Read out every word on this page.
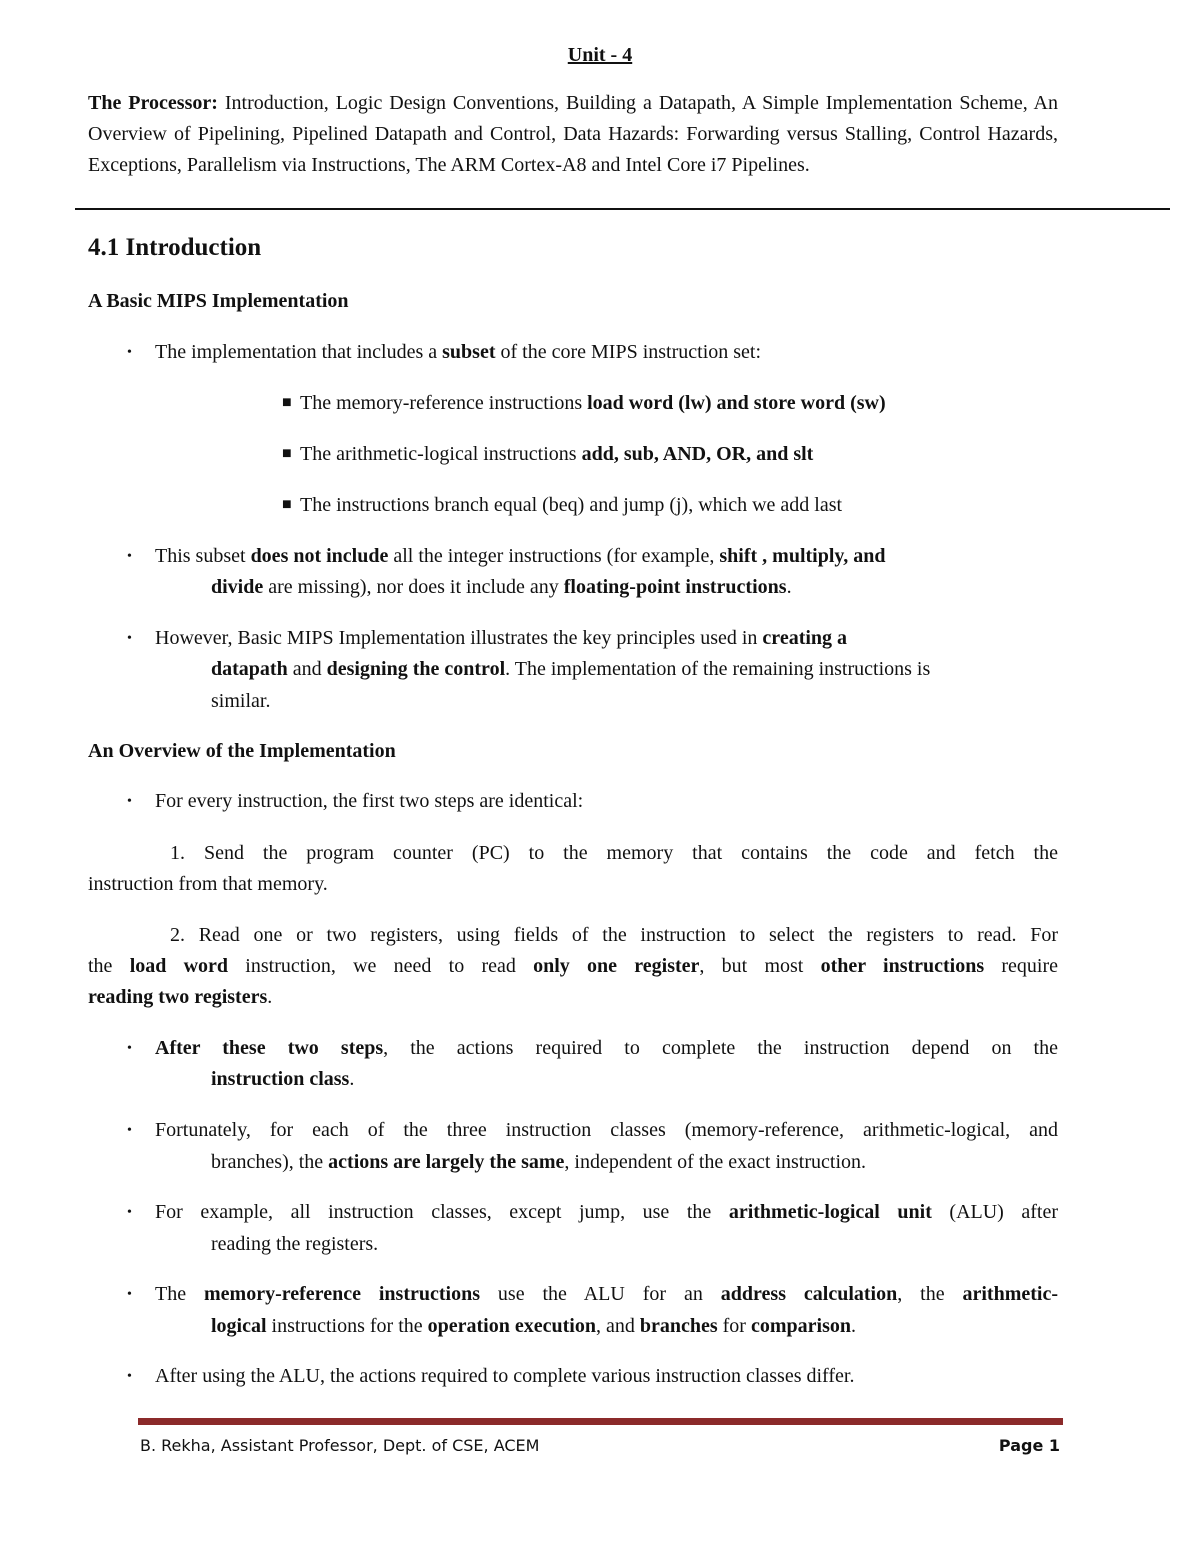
Unit - 4

The Processor: Introduction, Logic Design Conventions, Building a Datapath, A Simple Implementation Scheme, An Overview of Pipelining, Pipelined Datapath and Control, Data Hazards: Forwarding versus Stalling, Control Hazards, Exceptions, Parallelism via Instructions, The ARM Cortex-A8 and Intel Core i7 Pipelines.

4.1 Introduction
A Basic MIPS Implementation
• The implementation that includes a subset of the core MIPS instruction set:
■ The memory-reference instructions load word (lw) and store word (sw)
■ The arithmetic-logical instructions add, sub, AND, OR, and slt
■ The instructions branch equal (beq) and jump (j), which we add last
• This subset does not include all the integer instructions (for example, shift , multiply, and
divide are missing), nor does it include any floating-point instructions.
• However, Basic MIPS Implementation illustrates the key principles used in creating a
datapath and designing the control. The implementation of the remaining instructions is
similar.
An Overview of the Implementation
• For every instruction, the first two steps are identical:
1. Send the program counter (PC) to the memory that contains the code and fetch the
instruction from that memory.
2. Read one or two registers, using fields of the instruction to select the registers to read. For
the load word instruction, we need to read only one register, but most other instructions require
reading two registers.
• After these two steps, the actions required to complete the instruction depend on the
instruction class.
• Fortunately, for each of the three instruction classes (memory-reference, arithmetic-logical, and
branches), the actions are largely the same, independent of the exact instruction.
• For example, all instruction classes, except jump, use the arithmetic-logical unit (ALU) after
reading the registers.
• The memory-reference instructions use the ALU for an address calculation, the arithmetic-
logical instructions for the operation execution, and branches for comparison.
• After using the ALU, the actions required to complete various instruction classes differ.
B. Rekha, Assistant Professor, Dept. of CSE, ACEM	Page 1
